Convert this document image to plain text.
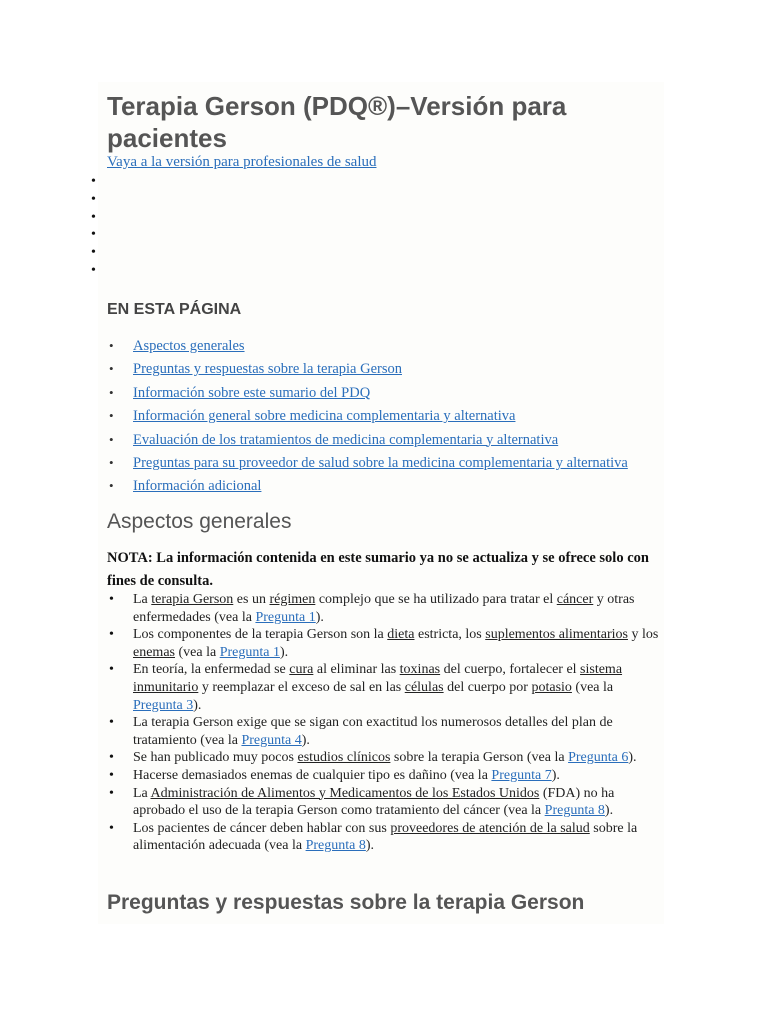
Terapia Gerson (PDQ®)–Versión para pacientes
Vaya a la versión para profesionales de salud
•
•
•
•
•
•
EN ESTA PÁGINA
• Aspectos generales
• Preguntas y respuestas sobre la terapia Gerson
• Información sobre este sumario del PDQ
• Información general sobre medicina complementaria y alternativa
• Evaluación de los tratamientos de medicina complementaria y alternativa
• Preguntas para su proveedor de salud sobre la medicina complementaria y alternativa
• Información adicional
Aspectos generales

NOTA: La información contenida en este sumario ya no se actualiza y se ofrece solo con fines de consulta.

• La terapia Gerson es un régimen complejo que se ha utilizado para tratar el cáncer y otras enfermedades (vea la Pregunta 1).
• Los componentes de la terapia Gerson son la dieta estricta, los suplementos alimentarios y los enemas (vea la Pregunta 1).
• En teoría, la enfermedad se cura al eliminar las toxinas del cuerpo, fortalecer el sistema inmunitario y reemplazar el exceso de sal en las células del cuerpo por potasio (vea la Pregunta 3).
• La terapia Gerson exige que se sigan con exactitud los numerosos detalles del plan de tratamiento (vea la Pregunta 4).
• Se han publicado muy pocos estudios clínicos sobre la terapia Gerson (vea la Pregunta 6).
• Hacerse demasiados enemas de cualquier tipo es dañino (vea la Pregunta 7).
• La Administración de Alimentos y Medicamentos de los Estados Unidos (FDA) no ha aprobado el uso de la terapia Gerson como tratamiento del cáncer (vea la Pregunta 8).
• Los pacientes de cáncer deben hablar con sus proveedores de atención de la salud sobre la alimentación adecuada (vea la Pregunta 8).
Preguntas y respuestas sobre la terapia Gerson
